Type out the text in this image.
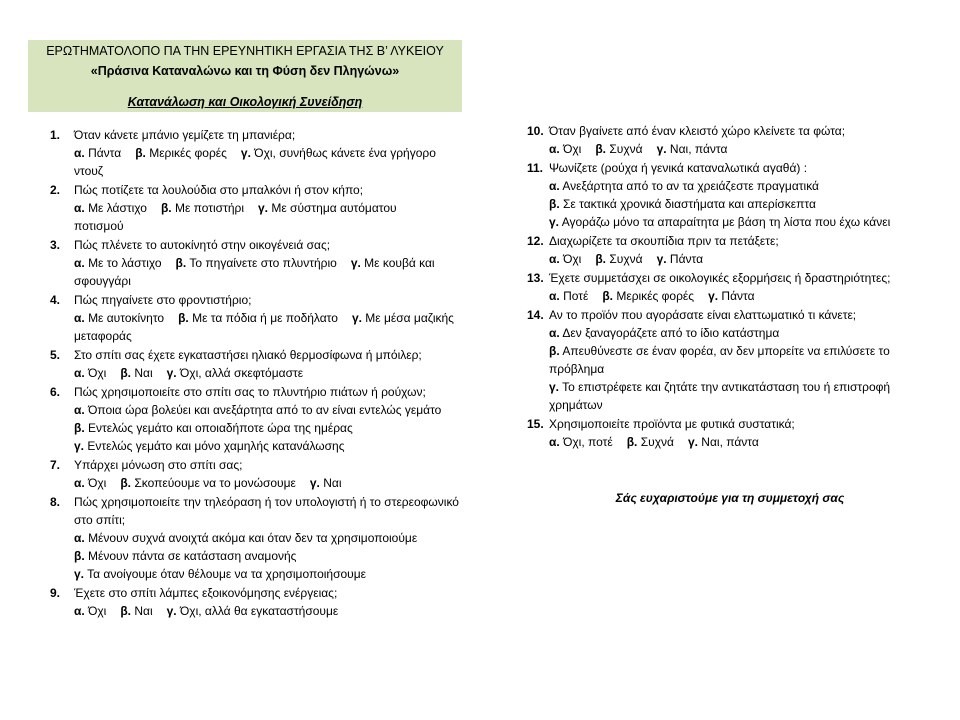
ΕΡΩΤΗΜΑΤΟΛΟΠΟ ΠΑ ΤΗΝ ΕΡΕΥΝΗΤΙΚΗ ΕΡΓΑΣΙΑ ΤΗΣ Β’ ΛΥΚΕΙΟΥ
«Πράσινα Καταναλώνω και τη Φύση δεν Πληγώνω»
Κατανάλωση και Οικολογική Συνείδηση
1.	Όταν κάνετε μπάνιο γεμίζετε τη μπανιέρα;
α. Πάντα β. Μερικές φορές γ. Όχι, συνήθως κάνετε ένα γρήγορο ντουζ
2.	Πώς ποτίζετε τα λουλούδια στο μπαλκόνι ή στον κήπο;
α. Με λάστιχο β. Με ποτιστήρι γ. Με σύστημα αυτόματου ποτισμού
3.	Πώς πλένετε το αυτοκίνητό στην οικογένειά σας;
α. Με το λάστιχο β. Το πηγαίνετε στο πλυντήριο γ. Με κουβά και σφουγγάρι
4.	Πώς πηγαίνετε στο φροντιστήριο;
α. Με αυτοκίνητο β. Με τα πόδια ή με ποδήλατο γ. Με μέσα μαζικής μεταφοράς
5.	Στο σπίτι σας έχετε εγκαταστήσει ηλιακό θερμοσίφωνα ή μπόιλερ;
α. Όχι β. Ναι γ. Όχι, αλλά σκεφτόμαστε
6.	Πώς χρησιμοποιείτε στο σπίτι σας το πλυντήριο πιάτων ή ρούχων;
α. Όποια ώρα βολεύει και ανεξάρτητα από το αν είναι εντελώς γεμάτο
β. Εντελώς γεμάτο και οποιαδήποτε ώρα της ημέρας
γ. Εντελώς γεμάτο και μόνο χαμηλής κατανάλωσης
7.	Υπάρχει μόνωση στο σπίτι σας;
α. Όχι β. Σκοπεύουμε να το μονώσουμε γ. Ναι
8.	Πώς χρησιμοποιείτε την τηλεόραση ή τον υπολογιστή ή το στερεοφωνικό στο σπίτι;
α. Μένουν συχνά ανοιχτά ακόμα και όταν δεν τα χρησιμοποιούμε
β. Μένουν πάντα σε κατάσταση αναμονής
γ. Τα ανοίγουμε όταν θέλουμε να τα χρησιμοποιήσουμε
9.	Έχετε στο σπίτι λάμπες εξοικονόμησης ενέργειας;
α. Όχι β. Ναι γ. Όχι, αλλά θα εγκαταστήσουμε
10. Όταν βγαίνετε από έναν κλειστό χώρο κλείνετε τα φώτα;
α. Όχι β. Συχνά γ. Ναι, πάντα
11. Ψωνίζετε (ρούχα ή γενικά καταναλωτικά αγαθά) :
α. Ανεξάρτητα από το αν τα χρειάζεστε πραγματικά
β. Σε τακτικά χρονικά διαστήματα και απερίσκεπτα
γ. Αγοράζω μόνο τα απαραίτητα με βάση τη λίστα που έχω κάνει
12. Διαχωρίζετε τα σκουπίδια πριν τα πετάξετε;
α. Όχι β. Συχνά γ. Πάντα
13. Έχετε συμμετάσχει σε οικολογικές εξορμήσεις ή δραστηριότητες;
α. Ποτέ β. Μερικές φορές γ. Πάντα
14. Αν το προϊόν που αγοράσατε είναι ελαττωματικό τι κάνετε;
α. Δεν ξαναγοράζετε από το ίδιο κατάστημα
β. Απευθύνεστε σε έναν φορέα, αν δεν μπορείτε να επιλύσετε το πρόβλημα
γ. Το επιστρέφετε και ζητάτε την αντικατάσταση του ή επιστροφή χρημάτων
15. Χρησιμοποιείτε προϊόντα με φυτικά συστατικά;
α. Όχι, ποτέ β. Συχνά γ. Ναι, πάντα
Σάς ευχαριστούμε για τη συμμετοχή σας
